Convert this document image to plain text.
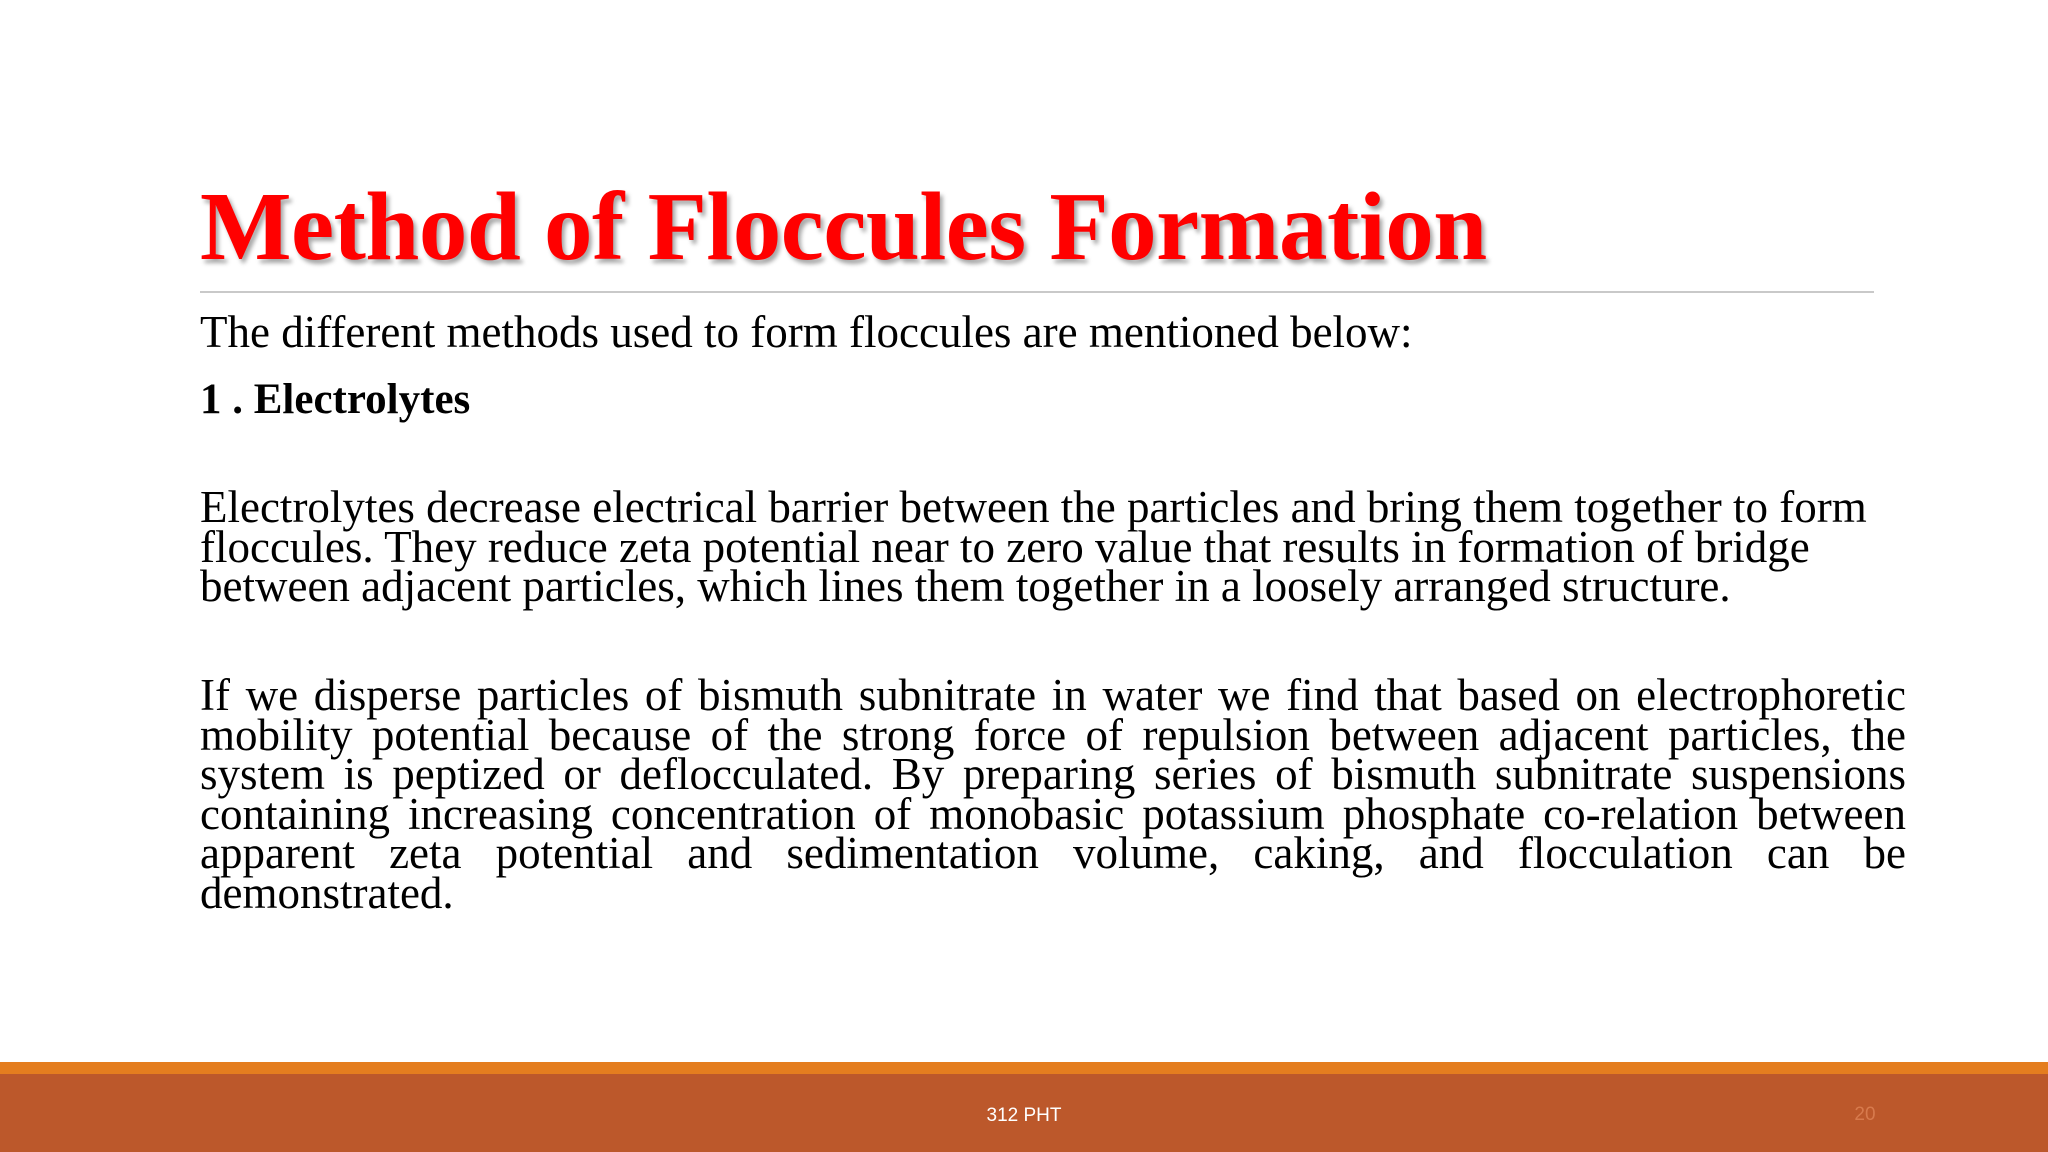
Method of Floccules Formation

The different methods used to form floccules are mentioned below:

1 . Electrolytes

Electrolytes decrease electrical barrier between the particles and bring them together to form floccules. They reduce zeta potential near to zero value that results in formation of bridge between adjacent particles, which lines them together in a loosely arranged structure.

If we disperse particles of bismuth subnitrate in water we find that based on electrophoretic mobility potential because of the strong force of repulsion between adjacent particles, the system is peptized or deflocculated. By preparing series of bismuth subnitrate suspensions containing increasing concentration of monobasic potassium phosphate co-relation between apparent zeta potential and sedimentation volume, caking, and flocculation can be demonstrated.

312 PHT	20
